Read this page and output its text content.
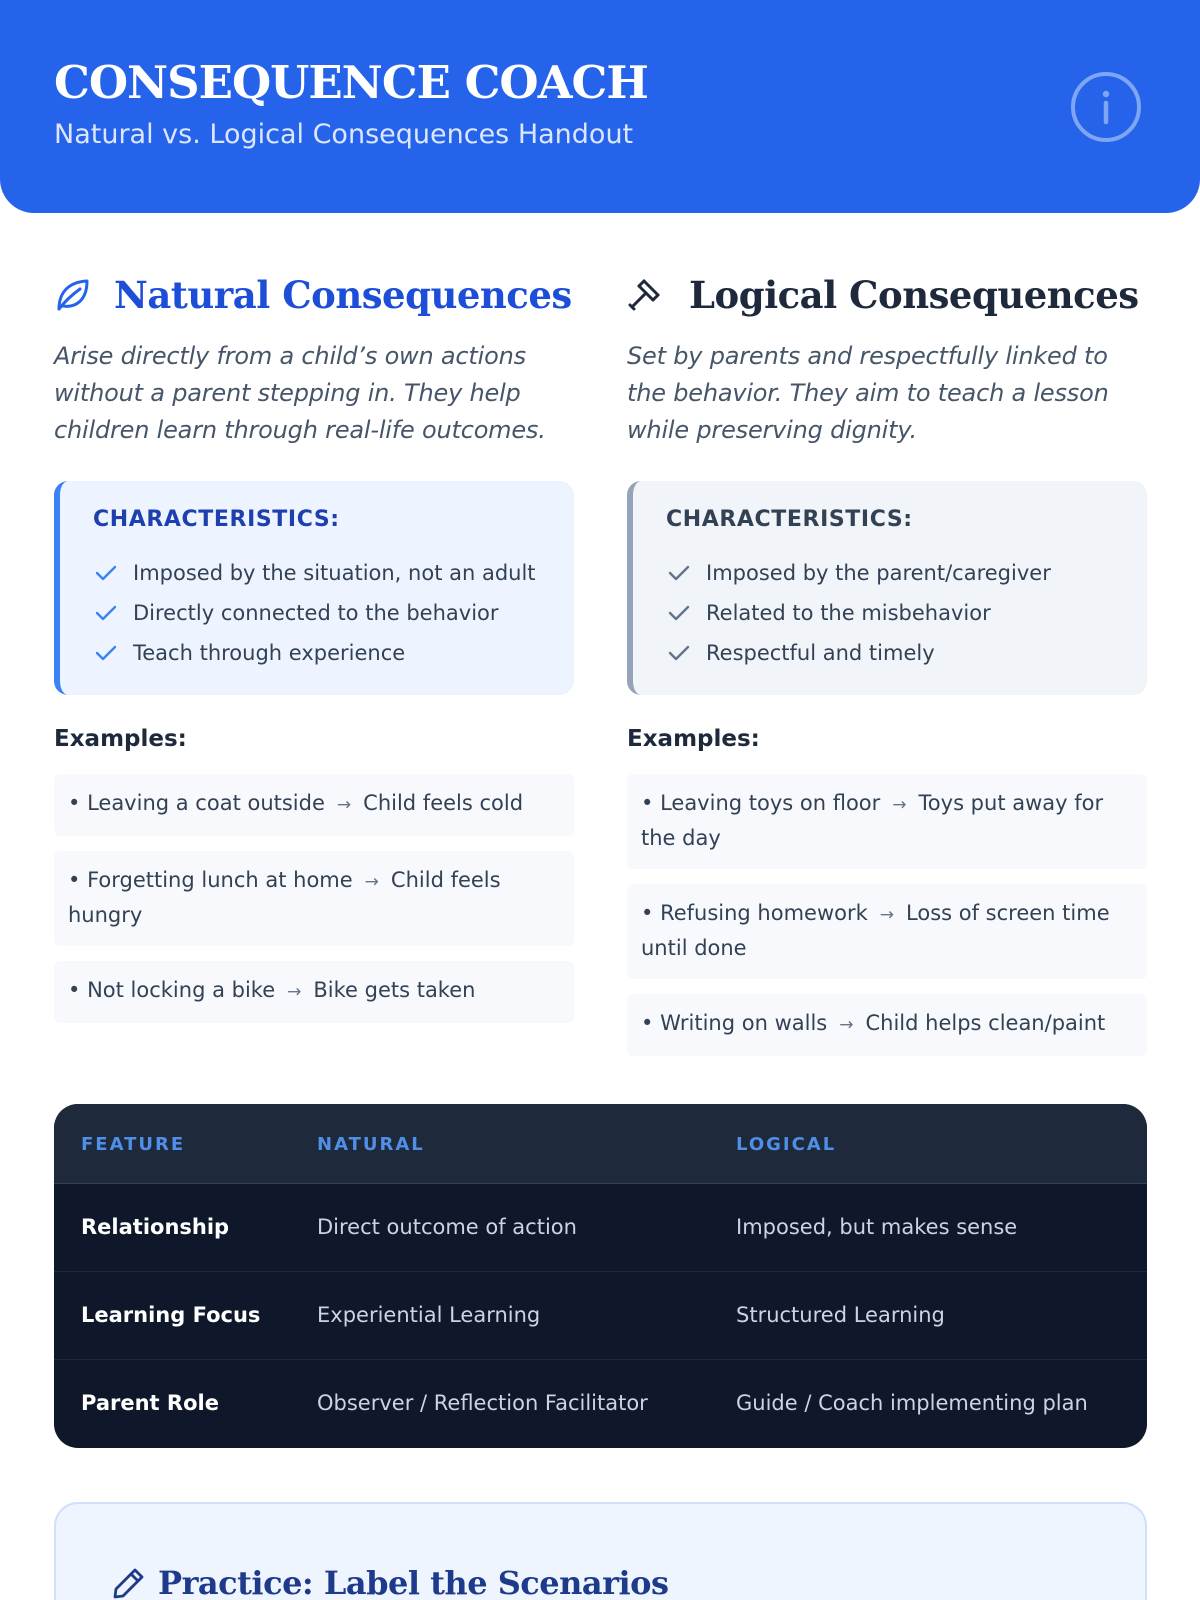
CONSEQUENCE COACH
Natural vs. Logical Consequences Handout
Natural Consequences

Arise directly from a child’s own actions without a parent stepping in. They help children learn through real-life outcomes.

CHARACTERISTICS:
Imposed by the situation, not an adult
Directly connected to the behavior
Teach through experience
Examples:
• Leaving a coat outside → Child feels cold
• Forgetting lunch at home → Child feels hungry
• Not locking a bike → Bike gets taken
Logical Consequences

Set by parents and respectfully linked to the behavior. They aim to teach a lesson while preserving dignity.

CHARACTERISTICS:
Imposed by the parent/caregiver
Related to the misbehavior
Respectful and timely
Examples:
• Leaving toys on floor → Toys put away for the day
• Refusing homework → Loss of screen time until done
• Writing on walls → Child helps clean/paint
FEATURE	NATURAL	LOGICAL
Relationship	Direct outcome of action	Imposed, but makes sense
Learning Focus	Experiential Learning	Structured Learning
Parent Role	Observer / Reflection Facilitator	Guide / Coach implementing plan
Practice: Label the Scenarios
